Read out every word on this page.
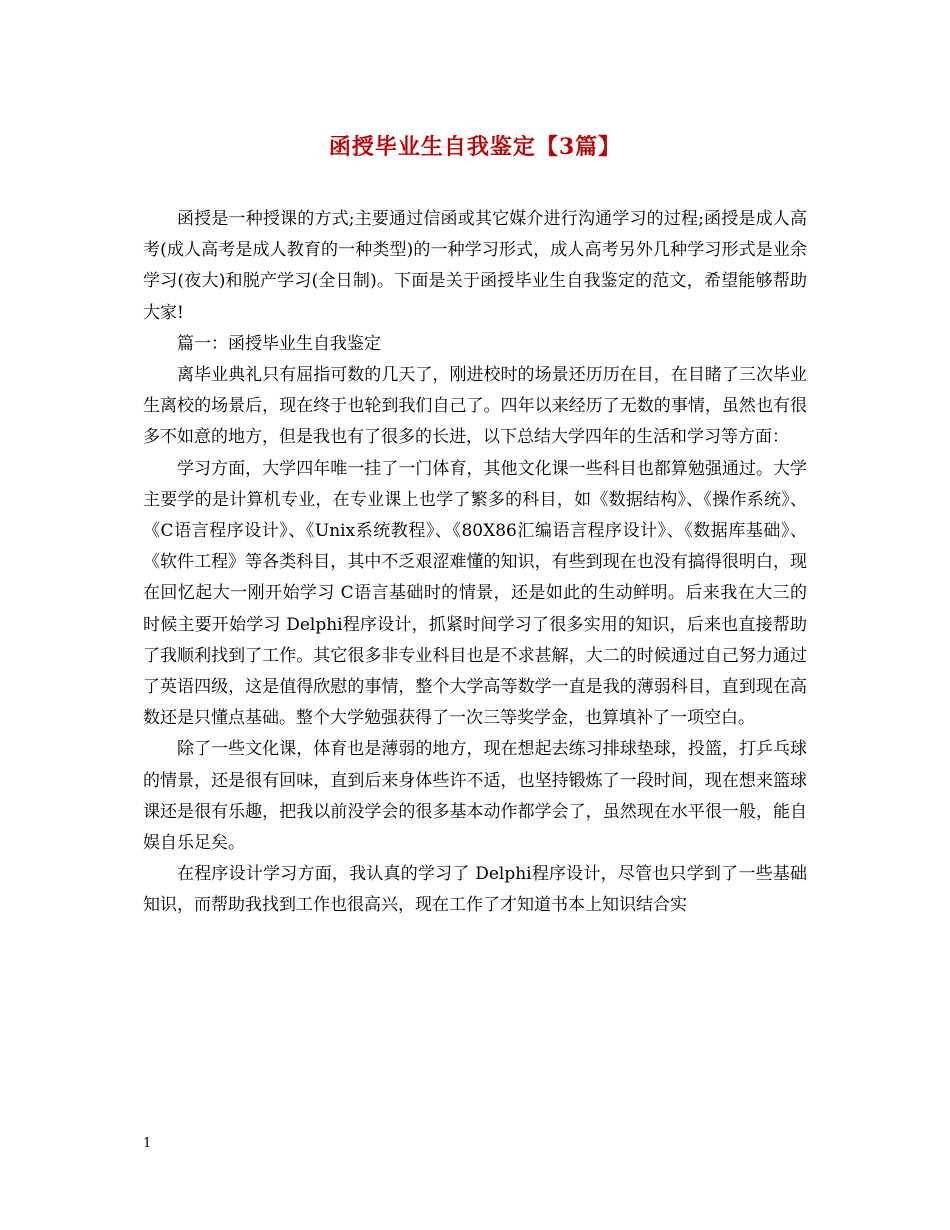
函授毕业生自我鉴定【3篇】

函授是一种授课的方式;主要通过信函或其它媒介进行沟通学习的过程;函授是成人高考(成人高考是成人教育的一种类型)的一种学习形式，成人高考另外几种学习形式是业余学习(夜大)和脱产学习(全日制)。下面是关于函授毕业生自我鉴定的范文，希望能够帮助大家!

篇一：函授毕业生自我鉴定

离毕业典礼只有屈指可数的几天了，刚进校时的场景还历历在目，在目睹了三次毕业生离校的场景后，现在终于也轮到我们自己了。四年以来经历了无数的事情，虽然也有很多不如意的地方，但是我也有了很多的长进，以下总结大学四年的生活和学习等方面：

学习方面，大学四年唯一挂了一门体育，其他文化课一些科目也都算勉强通过。大学主要学的是计算机专业，在专业课上也学了繁多的科目，如《数据结构》、《操作系统》、《C语言程序设计》、《Unix系统教程》、《80X86汇编语言程序设计》、《数据库基础》、《软件工程》等各类科目，其中不乏艰涩难懂的知识，有些到现在也没有搞得很明白，现在回忆起大一刚开始学习 C语言基础时的情景，还是如此的生动鲜明。后来我在大三的时候主要开始学习 Delphi程序设计，抓紧时间学习了很多实用的知识，后来也直接帮助了我顺利找到了工作。其它很多非专业科目也是不求甚解，大二的时候通过自己努力通过了英语四级，这是值得欣慰的事情，整个大学高等数学一直是我的薄弱科目，直到现在高数还是只懂点基础。整个大学勉强获得了一次三等奖学金，也算填补了一项空白。

除了一些文化课，体育也是薄弱的地方，现在想起去练习排球垫球，投篮，打乒乓球的情景，还是很有回味，直到后来身体些许不适，也坚持锻炼了一段时间，现在想来篮球课还是很有乐趣，把我以前没学会的很多基本动作都学会了，虽然现在水平很一般，能自娱自乐足矣。

在程序设计学习方面，我认真的学习了 Delphi程序设计，尽管也只学到了一些基础知识，而帮助我找到工作也很高兴，现在工作了才知道书本上知识结合实

1
